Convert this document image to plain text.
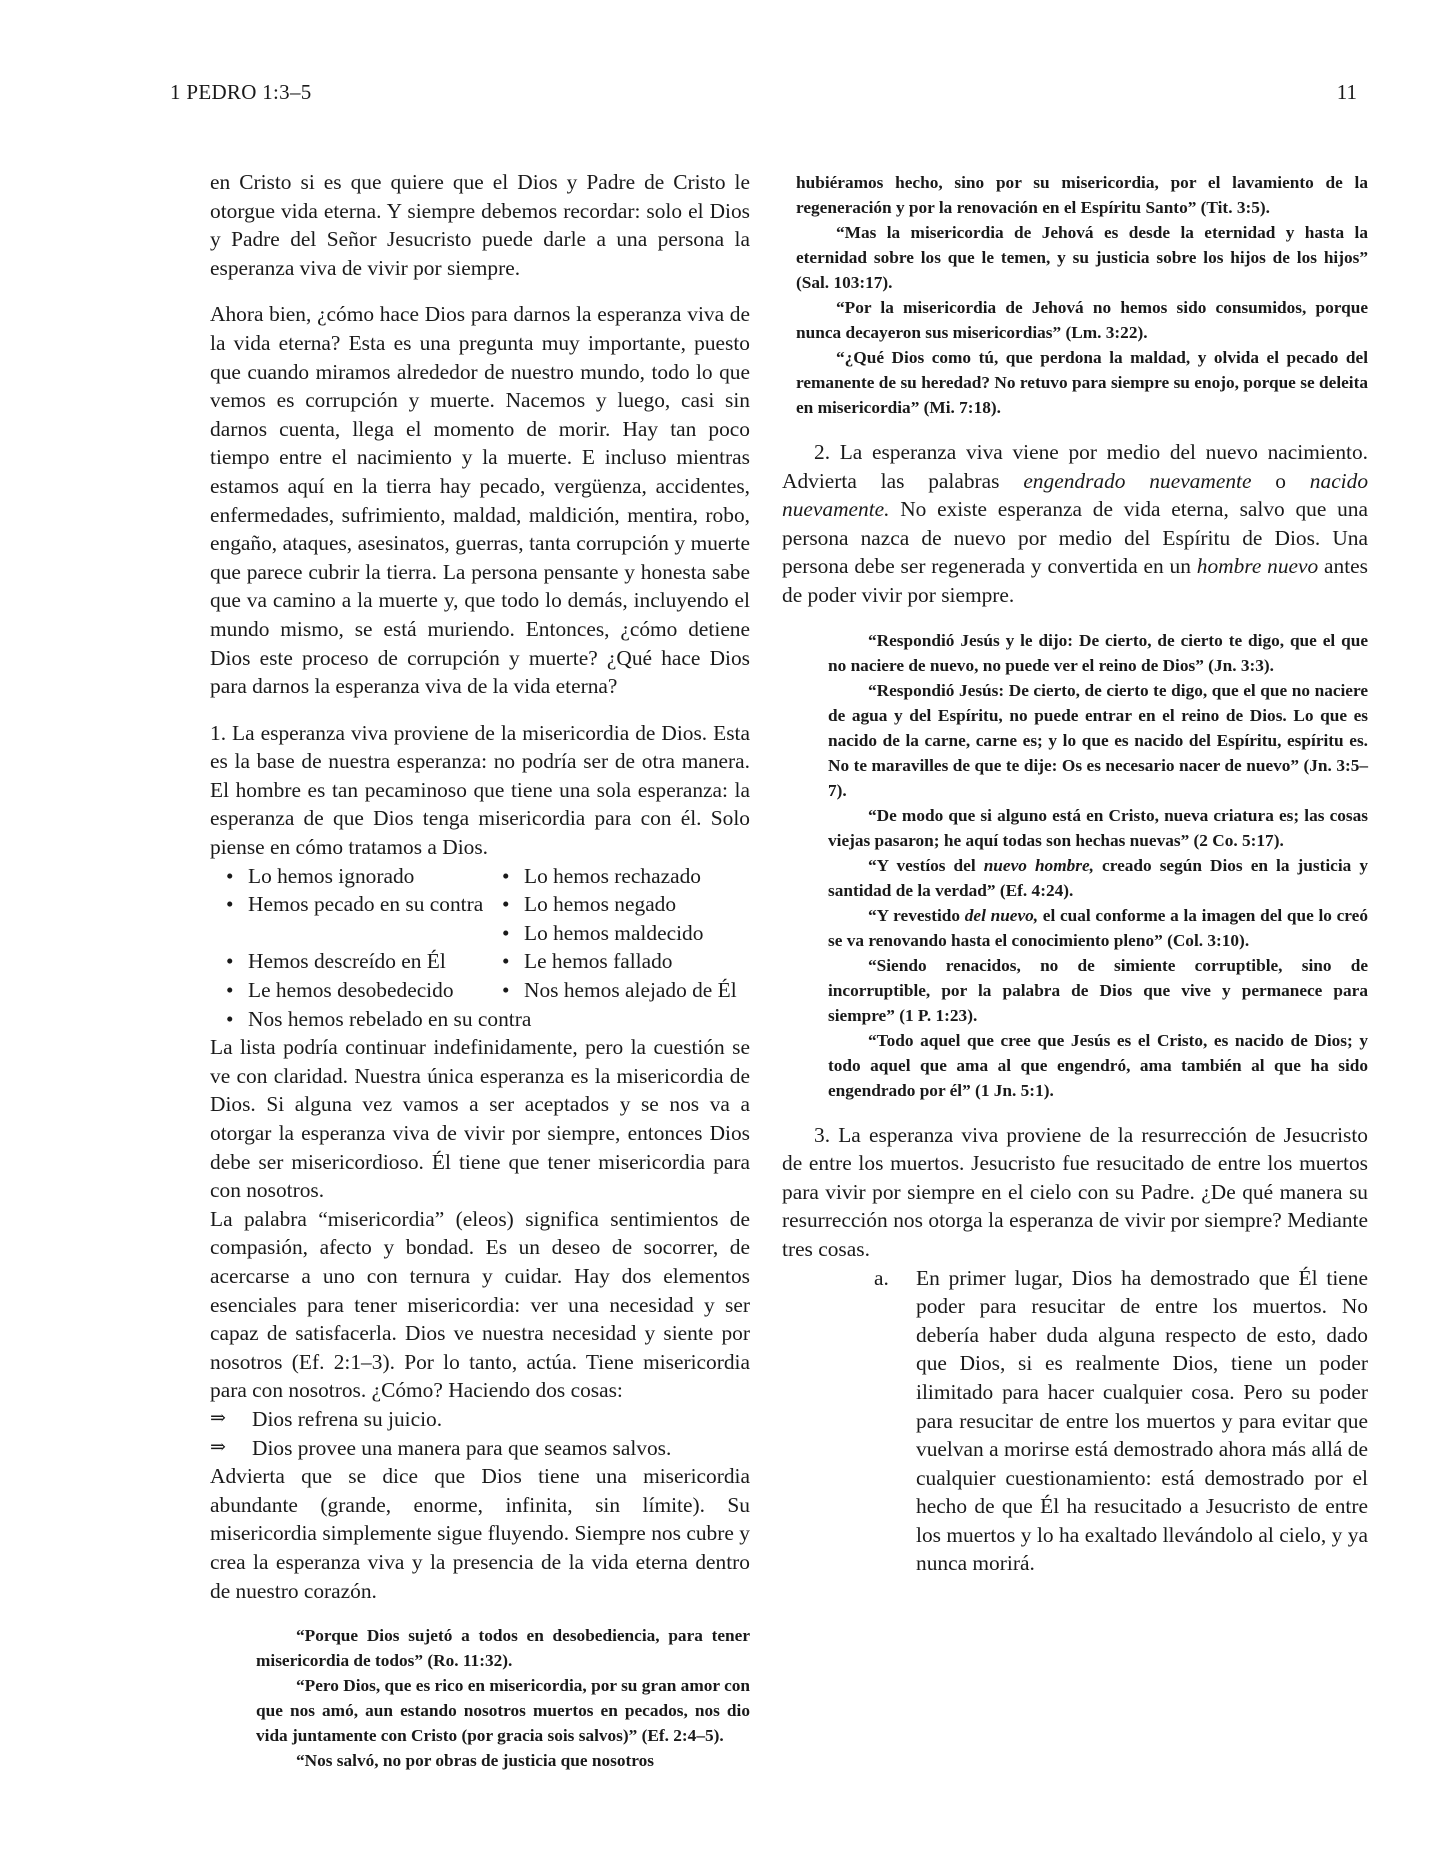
1 PEDRO 1:3–5	11

en Cristo si es que quiere que el Dios y Padre de Cristo le otorgue vida eterna. Y siempre debemos recordar: solo el Dios y Padre del Señor Jesucristo puede darle a una persona la esperanza viva de vivir por siempre.

Ahora bien, ¿cómo hace Dios para darnos la esperanza viva de la vida eterna? Esta es una pregunta muy importante, puesto que cuando miramos alrededor de nuestro mundo, todo lo que vemos es corrupción y muerte. Nacemos y luego, casi sin darnos cuenta, llega el momento de morir. Hay tan poco tiempo entre el nacimiento y la muerte. E incluso mientras estamos aquí en la tierra hay pecado, vergüenza, accidentes, enfermedades, sufrimiento, maldad, maldición, mentira, robo, engaño, ataques, asesinatos, guerras, tanta corrupción y muerte que parece cubrir la tierra. La persona pensante y honesta sabe que va camino a la muerte y, que todo lo demás, incluyendo el mundo mismo, se está muriendo. Entonces, ¿cómo detiene Dios este proceso de corrupción y muerte? ¿Qué hace Dios para darnos la esperanza viva de la vida eterna?

1. La esperanza viva proviene de la misericordia de Dios. Esta es la base de nuestra esperanza: no podría ser de otra manera. El hombre es tan pecaminoso que tiene una sola esperanza: la esperanza de que Dios tenga misericordia para con él. Solo piense en cómo tratamos a Dios.

• Lo hemos ignorado	• Lo hemos rechazado
• Hemos pecado en su contra	• Lo hemos negado
• Lo hemos maldecido
• Hemos descreído en Él	• Le hemos fallado
• Le hemos desobedecido	• Nos hemos alejado de Él
• Nos hemos rebelado en su contra

La lista podría continuar indefinidamente, pero la cuestión se ve con claridad. Nuestra única esperanza es la misericordia de Dios. Si alguna vez vamos a ser aceptados y se nos va a otorgar la esperanza viva de vivir por siempre, entonces Dios debe ser misericordioso. Él tiene que tener misericordia para con nosotros.

La palabra “misericordia” (eleos) significa sentimientos de compasión, afecto y bondad. Es un deseo de socorrer, de acercarse a uno con ternura y cuidar. Hay dos elementos esenciales para tener misericordia: ver una necesidad y ser capaz de satisfacerla. Dios ve nuestra necesidad y siente por nosotros (Ef. 2:1–3). Por lo tanto, actúa. Tiene misericordia para con nosotros. ¿Cómo? Haciendo dos cosas:

⇒ Dios refrena su juicio.
⇒ Dios provee una manera para que seamos salvos.

Advierta que se dice que Dios tiene una misericordia abundante (grande, enorme, infinita, sin límite). Su misericordia simplemente sigue fluyendo. Siempre nos cubre y crea la esperanza viva y la presencia de la vida eterna dentro de nuestro corazón.

“Porque Dios sujetó a todos en desobediencia, para tener misericordia de todos” (Ro. 11:32).

“Pero Dios, que es rico en misericordia, por su gran amor con que nos amó, aun estando nosotros muertos en pecados, nos dio vida juntamente con Cristo (por gracia sois salvos)” (Ef. 2:4–5).

“Nos salvó, no por obras de justicia que nosotros

hubiéramos hecho, sino por su misericordia, por el lavamiento de la regeneración y por la renovación en el Espíritu Santo” (Tit. 3:5).

“Mas la misericordia de Jehová es desde la eternidad y hasta la eternidad sobre los que le temen, y su justicia sobre los hijos de los hijos” (Sal. 103:17).

“Por la misericordia de Jehová no hemos sido consumidos, porque nunca decayeron sus misericordias” (Lm. 3:22).

“¿Qué Dios como tú, que perdona la maldad, y olvida el pecado del remanente de su heredad? No retuvo para siempre su enojo, porque se deleita en misericordia” (Mi. 7:18).

2. La esperanza viva viene por medio del nuevo nacimiento. Advierta las palabras engendrado nuevamente o nacido nuevamente. No existe esperanza de vida eterna, salvo que una persona nazca de nuevo por medio del Espíritu de Dios. Una persona debe ser regenerada y convertida en un hombre nuevo antes de poder vivir por siempre.

“Respondió Jesús y le dijo: De cierto, de cierto te digo, que el que no naciere de nuevo, no puede ver el reino de Dios” (Jn. 3:3).

“Respondió Jesús: De cierto, de cierto te digo, que el que no naciere de agua y del Espíritu, no puede entrar en el reino de Dios. Lo que es nacido de la carne, carne es; y lo que es nacido del Espíritu, espíritu es. No te maravilles de que te dije: Os es necesario nacer de nuevo” (Jn. 3:5–7).

“De modo que si alguno está en Cristo, nueva criatura es; las cosas viejas pasaron; he aquí todas son hechas nuevas” (2 Co. 5:17).

“Y vestíos del nuevo hombre, creado según Dios en la justicia y santidad de la verdad” (Ef. 4:24).

“Y revestido del nuevo, el cual conforme a la imagen del que lo creó se va renovando hasta el conocimiento pleno” (Col. 3:10).

“Siendo renacidos, no de simiente corruptible, sino de incorruptible, por la palabra de Dios que vive y permanece para siempre” (1 P. 1:23).

“Todo aquel que cree que Jesús es el Cristo, es nacido de Dios; y todo aquel que ama al que engendró, ama también al que ha sido engendrado por él” (1 Jn. 5:1).

3. La esperanza viva proviene de la resurrección de Jesucristo de entre los muertos. Jesucristo fue resucitado de entre los muertos para vivir por siempre en el cielo con su Padre. ¿De qué manera su resurrección nos otorga la esperanza de vivir por siempre? Mediante tres cosas.

a.	En primer lugar, Dios ha demostrado que Él tiene poder para resucitar de entre los muertos. No debería haber duda alguna respecto de esto, dado que Dios, si es realmente Dios, tiene un poder ilimitado para hacer cualquier cosa. Pero su poder para resucitar de entre los muertos y para evitar que vuelvan a morirse está demostrado ahora más allá de cualquier cuestionamiento: está demostrado por el hecho de que Él ha resucitado a Jesucristo de entre los muertos y lo ha exaltado llevándolo al cielo, y ya nunca morirá.
